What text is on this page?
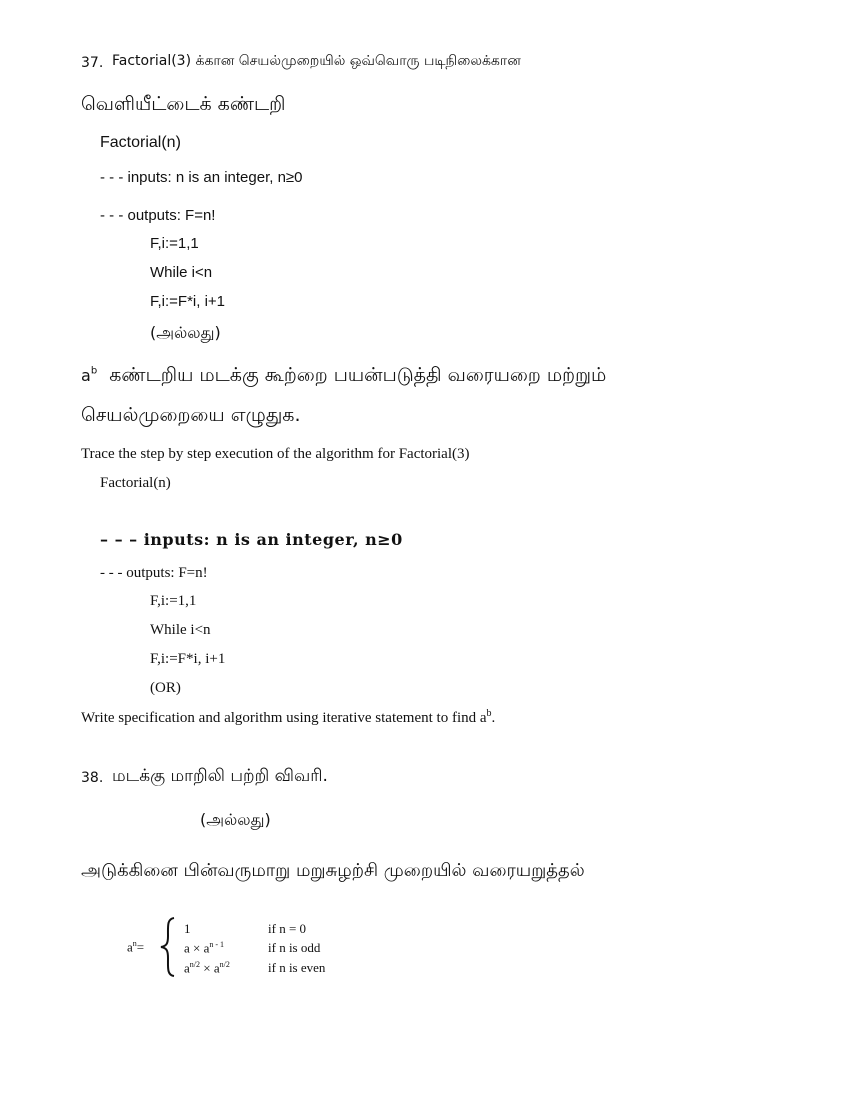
37. Factorial(3) க்கான செயல்முறையில் ஒவ்வொரு படிநிலைக்கான
வெளியீட்டைக் கண்டறி
Factorial(n)
- - - inputs: n is an integer, n≥0
- - - outputs: F=n!
F,i:=1,1
While i<n
F,i:=F*i, i+1
(அல்லது)
$a^b$ கண்டறிய மடக்கு கூற்றை பயன்படுத்தி வரையறை மற்றும்
செயல்முறையை எழுதுக.
Trace the step by step execution of the algorithm for Factorial(3)
Factorial(n)
– – – inputs: n is an integer, n≥0
- - - outputs: F=n!
F,i:=1,1
While i<n
F,i:=F*i, i+1
(OR)
Write specification and algorithm using iterative statement to find $a^b$.
38. மடக்கு மாறிலி பற்றி விவரி.
(அல்லது)
அடுக்கினை பின்வருமாறு மறுசுழற்சி முறையில் வரையறுத்தல்
$a^n=$
1	if n = 0
$a \times a^{n - 1}$	if n is odd
$a^{n/2} \times a^{n/2}$	if n is even
